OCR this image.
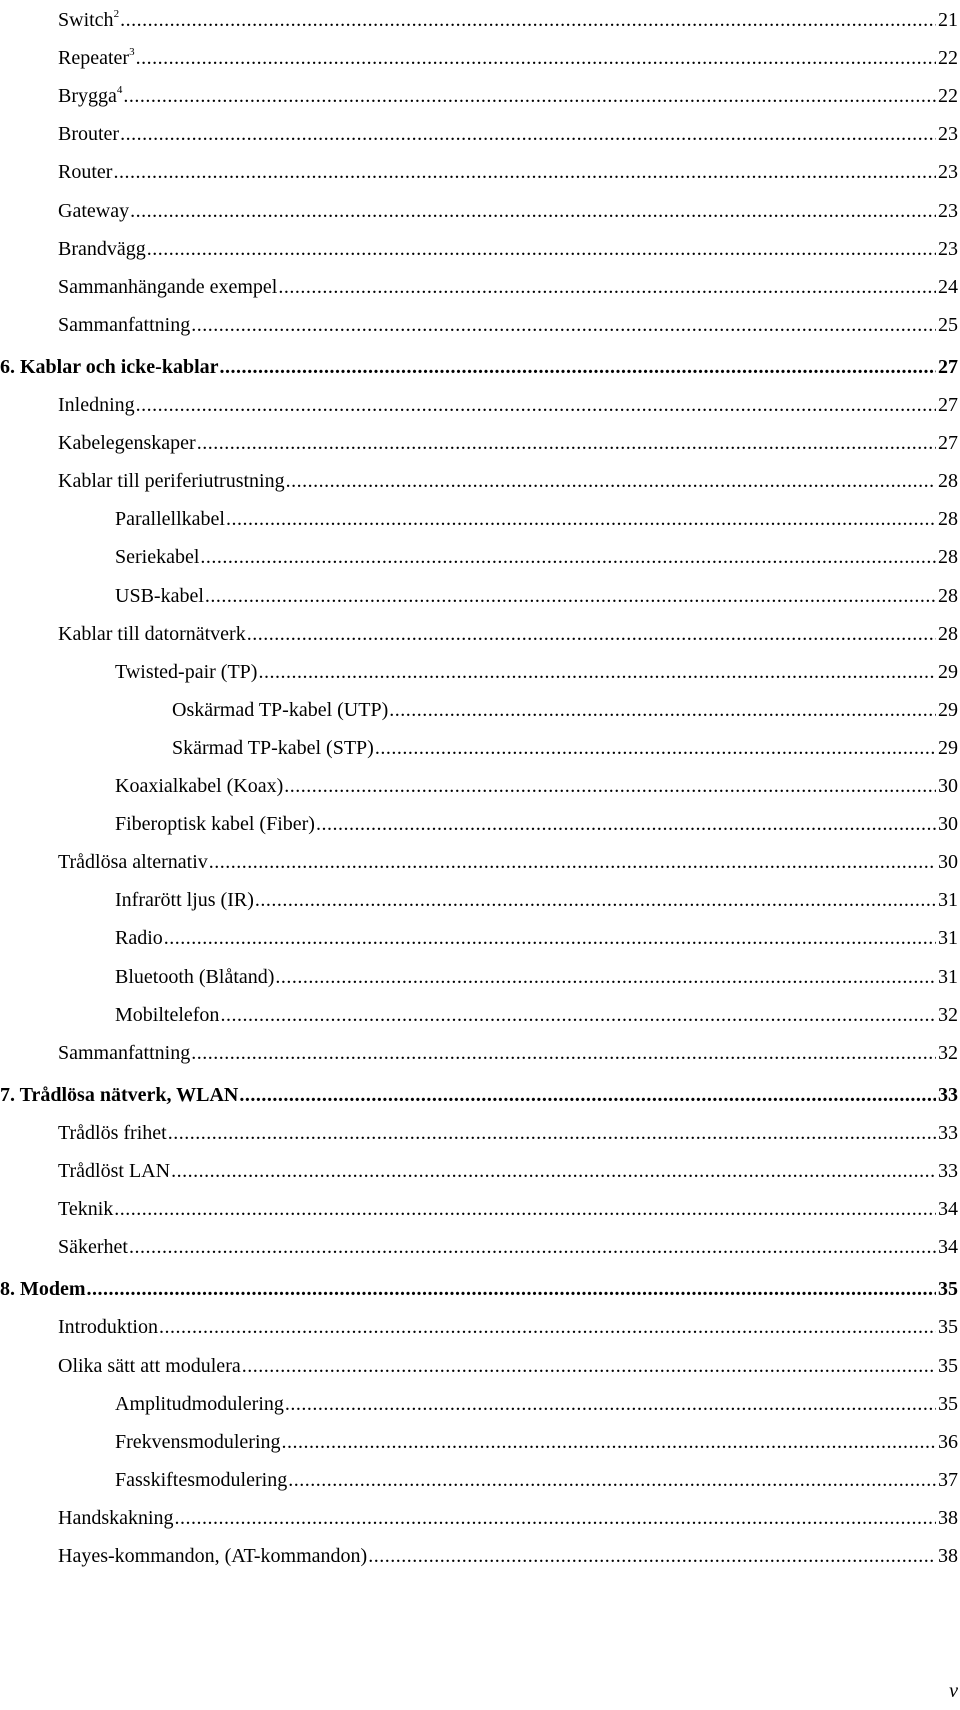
Switch$^2$ .....	21
Repeater$^3$ .....	22
Brygga$^4$ .....	22
Brouter .....	23
Router .....	23
Gateway .....	23
Brandvägg .....	23
Sammanhängande exempel .....	24
Sammanfattning .....	25
6. Kablar och icke-kablar .....	27
Inledning .....	27
Kabelegenskaper .....	27
Kablar till periferiutrustning .....	28
Parallellkabel .....	28
Seriekabel .....	28
USB-kabel .....	28
Kablar till datornätverk .....	28
Twisted-pair (TP) .....	29
Oskärmad TP-kabel (UTP) .....	29
Skärmad TP-kabel (STP) .....	29
Koaxialkabel (Koax) .....	30
Fiberoptisk kabel (Fiber) .....	30
Trådlösa alternativ .....	30
Infrarött ljus (IR) .....	31
Radio .....	31
Bluetooth (Blåtand) .....	31
Mobiltelefon .....	32
Sammanfattning .....	32
7. Trådlösa nätverk, WLAN .....	33
Trådlös frihet .....	33
Trådlöst LAN .....	33
Teknik .....	34
Säkerhet .....	34
8. Modem .....	35
Introduktion .....	35
Olika sätt att modulera .....	35
Amplitudmodulering .....	35
Frekvensmodulering .....	36
Fasskiftesmodulering .....	37
Handskakning .....	38
Hayes-kommandon, (AT-kommandon) .....	38
v
